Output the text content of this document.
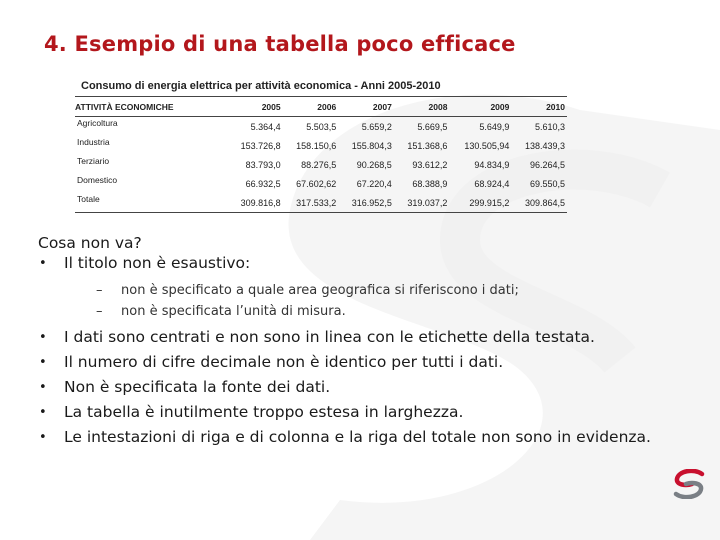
4. Esempio di una tabella poco efficace
Consumo di energia elettrica per attività economica - Anni 2005-2010
ATTIVITÀ ECONOMICHE	2005	2006	2007	2008	2009	2010
Agricoltura	5.364,4	5.503,5	5.659,2	5.669,5	5.649,9	5.610,3
Industria	153.726,8	158.150,6	155.804,3	151.368,6	130.505,94	138.439,3
Terziario	83.793,0	88.276,5	90.268,5	93.612,2	94.834,9	96.264,5
Domestico	66.932,5	67.602,62	67.220,4	68.388,9	68.924,4	69.550,5
Totale	309.816,8	317.533,2	316.952,5	319.037,2	299.915,2	309.864,5
Cosa non va?
• Il titolo non è esaustivo:
– non è specificato a quale area geografica si riferiscono i dati;
– non è specificata l’unità di misura.
• I dati sono centrati e non sono in linea con le etichette della testata.
• Il numero di cifre decimale non è identico per tutti i dati.
• Non è specificata la fonte dei dati.
• La tabella è inutilmente troppo estesa in larghezza.
• Le intestazioni di riga e di colonna e la riga del totale non sono in evidenza.
